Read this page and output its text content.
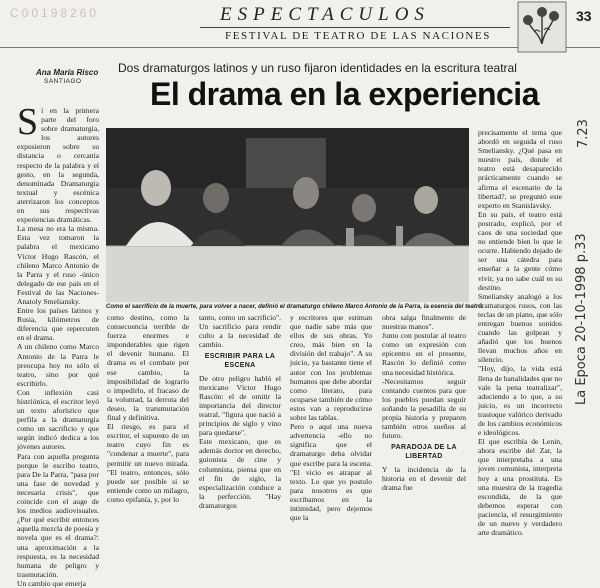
C00198260	ESPECTACULOS
FESTIVAL DE TEATRO DE LAS NACIONES
33
Ana María Risco
SANTIAGO
Dos dramaturgos latinos y un ruso fijaron identidades en la escritura teatral
El drama en la experiencia
S i en la primera parte del foro sobre dramaturgia, los autores expusieron sobre su distancia o cercanía respecto de la palabra y el gesto, en la segunda, denominada Dramaturgia textual y escénica aterrizaron los conceptos en sus respectivas experiencias dramáticas.

La mesa no era la misma. Esta vez tomaron la palabra el mexicano Víctor Hugo Rascón, el chileno Marco Antonio de la Parra y el ruso -único delegado de ese país en el Festival de las Naciones- Anatoly Smeliansky.

Entre los países latinos y Rusia, kilómetros de diferencia que repercuten en el drama.

A un chileno como Marco Antonio de la Parra le preocupa hoy no sólo el teatro, sino por qué escribirlo.

Con inflexión casi histriónica, el escritor leyó un texto aforístico que perfila a la dramaturgia como un sacrificio y que según indicó dedica a los jóvenes autores.

Para con aquella pregunta porque le escribo teatro, para De la Parra, "pasa por una fase de novedad y necesaria crisis", que coincide con el auge de los medios audiovisuales. ¿Por qué escribir entonces aquella mezcla de poesía y novela que es el drama?: una aproximación a la respuesta, es la necesidad humana de peligro y trasmutación.

Un cambio que emerja

Como el sacrificio de la muerte, para volver a nacer, definió el dramaturgo chileno Marco Antonio de la Parra, la esencia del teatro.

como destino, como la consecuencia terrible de fuerza enormes e imponderables que rigen el devenir humano. El drama es el combate por ese cambio, la imposibilidad de lograrlo o impedirlo, el fracaso de la voluntad, la derrota del deseo, la transmutación final y definitiva.

El riesgo, es para el escritor, el supuesto de un teatro cuyo fin es "condenar a muerte", para permitir un nuevo mirada. "El teatro, entonces, sólo puede ser posible si se entiende como un milagro, como epifanía, y, por lo

tanto, como un sacrificio". Un sacrificio para rendir culto a la necesidad de cambio.

ESCRIBIR PARA LA ESCENA

De otro peligro habló el mexicano Víctor Hugo Rascón: el de omitir la importancia del director teatral, "figura que nació a principios de siglo y vino para quedarse".

Este mexicano, que es además doctor en derecho, guionista de cine y columnista, piensa que en el fin de siglo, la especialización conduce a la perfección. "Hay dramaturgos

y escritores que estiman que nadie sabe más que ellos de sus obras. Yo creo, más bien en la división del trabajo". A su juicio, ya bastante tiene el autor con los problemas humanos que debe abordar como literato, para ocuparse también de cómo estos van a reproducirse sobre las tablas.

Pero o aquí una nueva advertencia -ello no significa que el dramaturgo deba olvidar que escribe para la escena. "El vicio es atrapar al texto. Lo que yo postulo para nosotros es que escribamos en la intimidad, pero dejemos que la

obra salga finalmente de nuestras manos".

Junto con postular al teatro como un expresión con epicentro en el presente, Rascón lo definió como una necesidad histórica.

-Necesitamos seguir contando cuentos para que los pueblos puedan seguir soñando la pesadilla de su propia historia y preparen también otros sueños al futuro.

PARADOJA DE LA LIBERTAD

Y la incidencia de la historia en el devenir del drama fue

precisamente el tema que abordó en seguida el ruso Smeliansky. ¿Qué pasa en nuestro país, donde el teatro está desaparecido prácticamente cuando se afirma el escenario de la libertad?, se preguntó este experto en Stanislavsky.

En su país, el teatro está postrado, explicó, por el caos de una sociedad que no entiende bien lo que le ocurre. Habiendo dejado de ser una cátedra para enseñar a la gente cómo vivir, ya no sabe cuál es su destino.

Smeliansky analogó a los dramaturgos rusos, con las teclas de un piano, que sólo entregan buenos sonidos cuando las golpean y añadió que los buenos llevan muchos años en silencio.

"Hoy, dijo, la vida está llena de banalidades que no vale la pena teatralizar", aduciendo a lo que, a su juicio, es un incorrecto trastoque valórico derivado de los cambios económicos e ideológicos.

El que escribía de Lenin, ahora escribe del Zar, la que interpretaba a una joven comunista, interpreta hoy a una prostituta. Es una muestra de la tragedia escondida, de la que debemos esperar con paciencia, el resurgimiento de un nuevo y verdadero arte dramático.

7.23
La Epoca 20-10-1998 p.33
